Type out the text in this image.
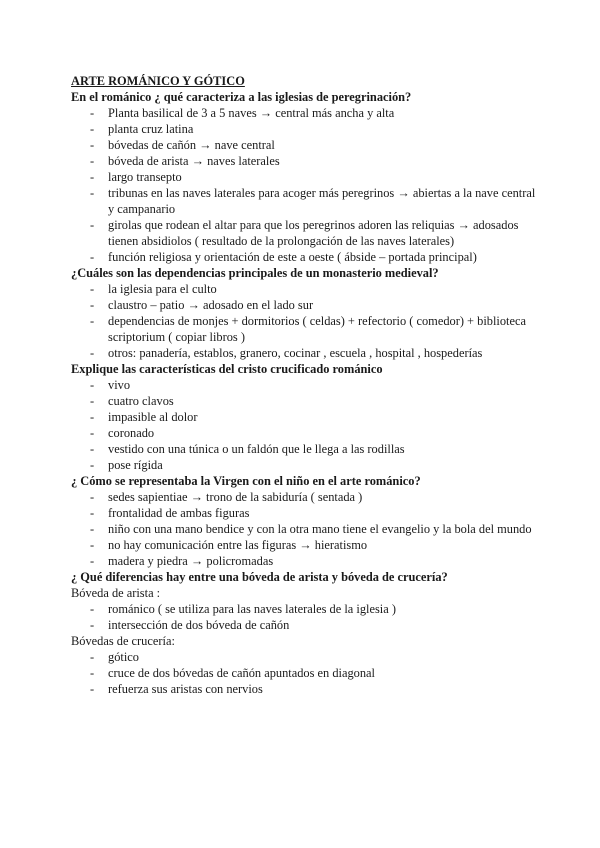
ARTE ROMÁNICO Y GÓTICO
En el románico ¿ qué caracteriza a las iglesias de peregrinación?
- Planta basilical de 3 a 5 naves → central más ancha y alta
- planta cruz latina
- bóvedas de cañón → nave central
- bóveda de arista → naves laterales
- largo transepto
- tribunas en las naves laterales para acoger más peregrinos → abiertas a la nave central y campanario
- girolas que rodean el altar para que los peregrinos adoren las reliquias → adosados tienen absidiolos ( resultado de la prolongación de las naves laterales)
- función religiosa y orientación de este a oeste ( ábside – portada principal)
¿Cuáles son las dependencias principales de un monasterio medieval?
- la iglesia para el culto
- claustro – patio → adosado en el lado sur
- dependencias de monjes + dormitorios ( celdas) + refectorio ( comedor) + biblioteca scriptorium ( copiar libros )
- otros: panadería, establos, granero, cocinar , escuela , hospital , hospederías
Explique las características del cristo crucificado románico
- vivo
- cuatro clavos
- impasible al dolor
- coronado
- vestido con una túnica o un faldón que le llega a las rodillas
- pose rígida
¿ Cómo se representaba la Virgen con el niño en el arte románico?
- sedes sapientiae → trono de la sabiduría ( sentada )
- frontalidad de ambas figuras
- niño con una mano bendice y con la otra mano tiene el evangelio y la bola del mundo
- no hay comunicación entre las figuras → hieratismo
- madera y piedra → policromadas
¿ Qué diferencias hay entre una bóveda de arista y bóveda de crucería?
Bóveda de arista :
- románico ( se utiliza para las naves laterales de la iglesia )
- intersección de dos bóveda de cañón
Bóvedas de crucería:
- gótico
- cruce de dos bóvedas de cañón apuntados en diagonal
- refuerza sus aristas con nervios
